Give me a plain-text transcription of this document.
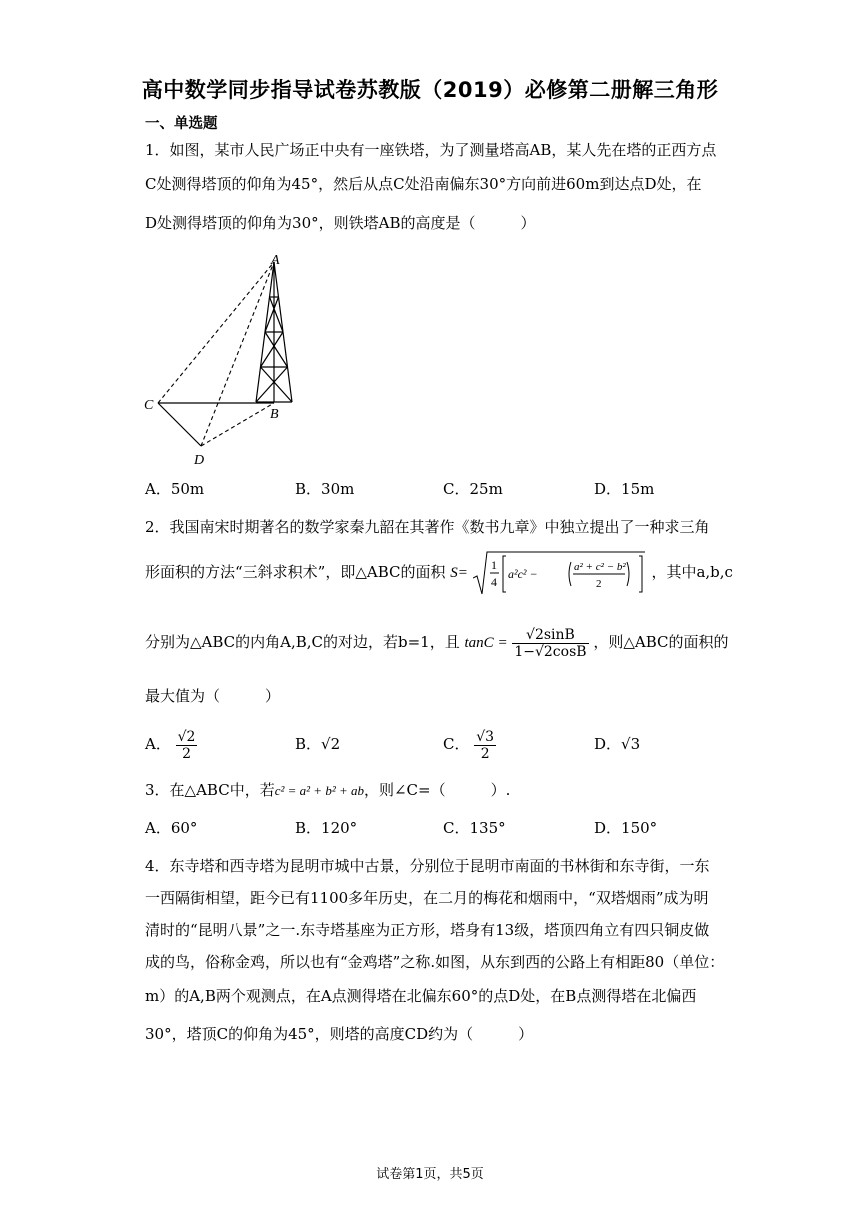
高中数学同步指导试卷苏教版（2019）必修第二册解三角形
一、单选题
1．如图，某市人民广场正中央有一座铁塔，为了测量塔高AB，某人先在塔的正西方点
C处测得塔顶的仰角为45°，然后从点C处沿南偏东30°方向前进60m到达点D处，在
D处测得塔顶的仰角为30°，则铁塔AB的高度是（　　　）
A
B
C
D
A．50m	B．30m	C．25m	D．15m
2．我国南宋时期著名的数学家秦九韶在其著作《数书九章》中独立提出了一种求三角
形面积的方法“三斜求积术”，即△ABC的面积 S= 1
4
a²c² −	a² + c² − b²
2
，其中a,b,c
分别为△ABC的内角A,B,C的对边，若b=1，且 $\tan C = \frac{√2\sin B}{1-√2\cos B}$ ，则△ABC的面积的
最大值为（　　　）
A． $\frac{√2}{2}$	B．√2	C． $\frac{√3}{2}$	D．√3
3．在△ABC中，若c² = a² + b² + ab，则∠C=（　　　）.
A．60°	B．120°	C．135°	D．150°
4．东寺塔和西寺塔为昆明市城中古景，分别位于昆明市南面的书林街和东寺街，一东
一西隔街相望，距今已有1100多年历史，在二月的梅花和烟雨中，“双塔烟雨”成为明
清时的“昆明八景”之一.东寺塔基座为正方形，塔身有13级，塔顶四角立有四只铜皮做
成的鸟，俗称金鸡，所以也有“金鸡塔”之称.如图，从东到西的公路上有相距80（单位：
m）的A,B两个观测点，在A点测得塔在北偏东60°的点D处，在B点测得塔在北偏西
30°，塔顶C的仰角为45°，则塔的高度CD约为（　　　）
试卷第1页，共5页
